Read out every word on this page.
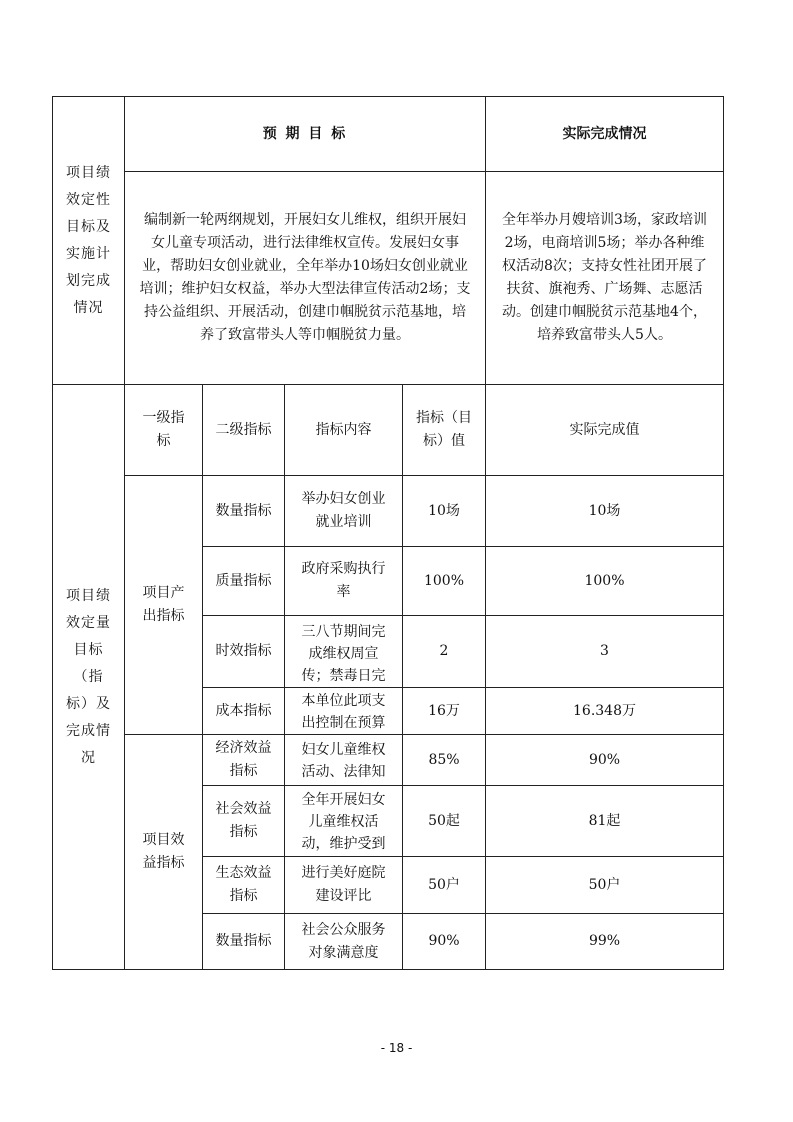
项目绩效定性目标及实施计划完成情况	预 期 目 标				实际完成情况
	编制新一轮两纲规划，开展妇女儿维权，组织开展妇女儿童专项活动，进行法律维权宣传。发展妇女事业，帮助妇女创业就业，全年举办10场妇女创业就业培训；维护妇女权益，举办大型法律宣传活动2场；支持公益组织、开展活动，创建巾帼脱贫示范基地，培养了致富带头人等巾帼脱贫力量。				全年举办月嫂培训3场，家政培训2场，电商培训5场；举办各种维权活动8次；支持女性社团开展了扶贫、旗袍秀、广场舞、志愿活动。创建巾帼脱贫示范基地4个，培养致富带头人5人。

项目绩效定量目标（指标）及完成情况	一级指标	二级指标	指标内容	指标（目标）值	实际完成值

	项目产出指标	数量指标	举办妇女创业就业培训	10场	10场
		质量指标	政府采购执行率	100%	100%
		时效指标	三八节期间完成维权周宣传；禁毒日完	2	3
		成本指标	本单位此项支出控制在预算	16万	16.348万

	项目效益指标	经济效益指标	妇女儿童维权活动、法律知	85%	90%

		社会效益指标	全年开展妇女儿童维权活动，维护受到	50起	81起

		生态效益指标	进行美好庭院建设评比	50户	50户
		数量指标	社会公众服务对象满意度	90%	99%
- 18 -
